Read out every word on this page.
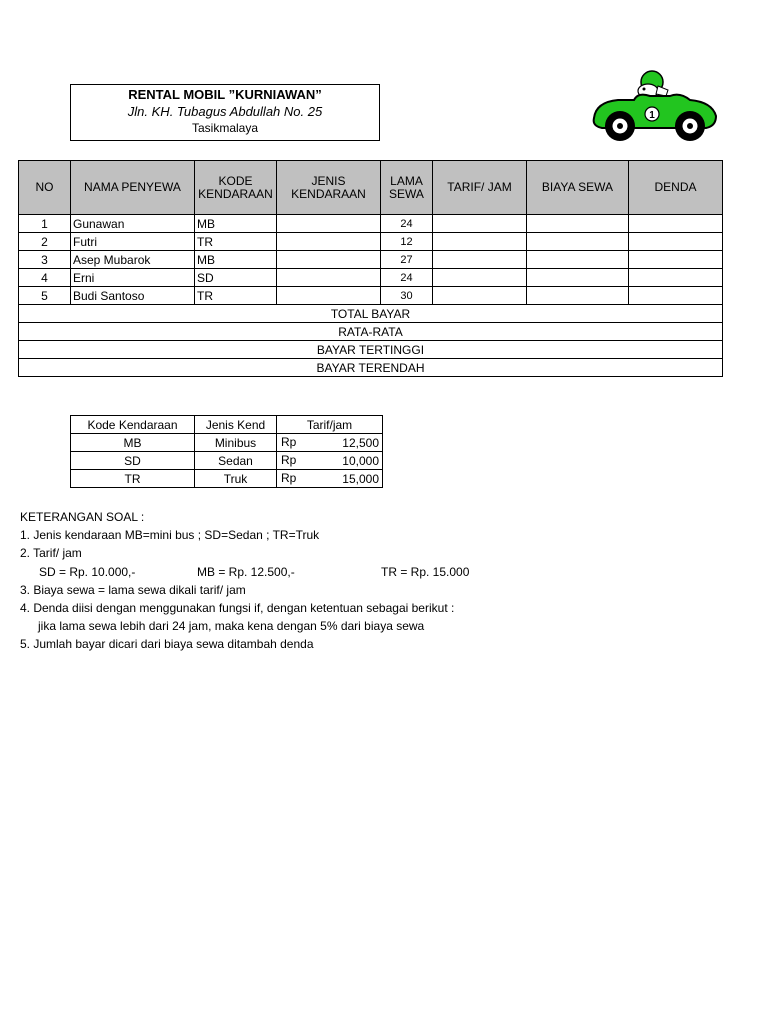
RENTAL MOBIL ”KURNIAWAN”
Jln. KH. Tubagus Abdullah No. 25
Tasikmalaya
1
NO	NAMA PENYEWA	KODE KENDARAAN	JENIS KENDARAAN	LAMA SEWA	TARIF/ JAM	BIAYA SEWA	DENDA
1	Gunawan	MB		24			
2	Futri	TR		12			
3	Asep Mubarok	MB		27			
4	Erni	SD		24			
5	Budi Santoso	TR		30			
TOTAL BAYAR							
RATA-RATA							
BAYAR TERTINGGI							
BAYAR TERENDAH							
Kode Kendaraan	Jenis Kend	Tarif/jam
MB	Minibus	Rp 12,500

SD	Sedan	Rp 10,000

TR	Truk	Rp 15,000
KETERANGAN SOAL :
1. Jenis kendaraan MB=mini bus ; SD=Sedan ; TR=Truk
2. Tarif/ jam
SD = Rp. 10.000,-	MB = Rp. 12.500,-	TR = Rp. 15.000
3. Biaya sewa = lama sewa dikali tarif/ jam
4. Denda diisi dengan menggunakan fungsi if, dengan ketentuan sebagai berikut :
jika lama sewa lebih dari 24 jam, maka kena dengan 5% dari biaya sewa
5. Jumlah bayar dicari dari biaya sewa ditambah denda
